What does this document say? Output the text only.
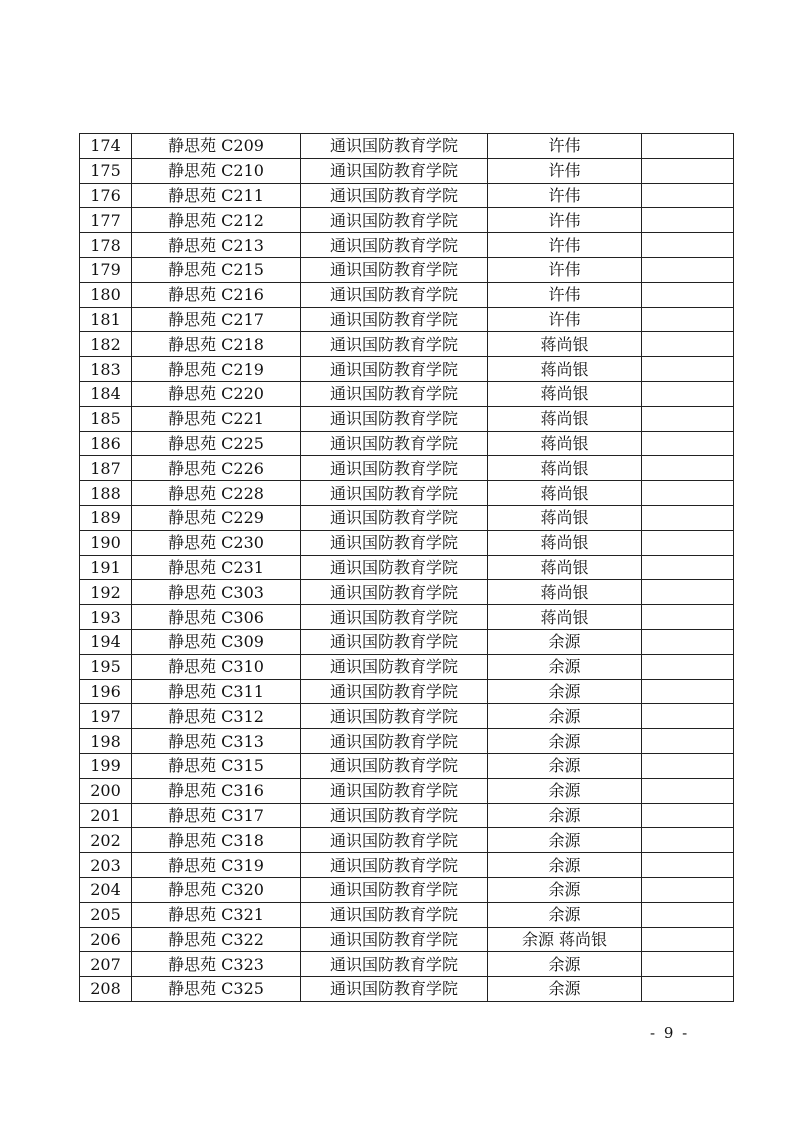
174	静思苑 C209	通识国防教育学院	许伟	
175	静思苑 C210	通识国防教育学院	许伟	
176	静思苑 C211	通识国防教育学院	许伟	
177	静思苑 C212	通识国防教育学院	许伟	
178	静思苑 C213	通识国防教育学院	许伟	
179	静思苑 C215	通识国防教育学院	许伟	
180	静思苑 C216	通识国防教育学院	许伟	
181	静思苑 C217	通识国防教育学院	许伟	
182	静思苑 C218	通识国防教育学院	蒋尚银	
183	静思苑 C219	通识国防教育学院	蒋尚银	
184	静思苑 C220	通识国防教育学院	蒋尚银	
185	静思苑 C221	通识国防教育学院	蒋尚银	
186	静思苑 C225	通识国防教育学院	蒋尚银	
187	静思苑 C226	通识国防教育学院	蒋尚银	
188	静思苑 C228	通识国防教育学院	蒋尚银	
189	静思苑 C229	通识国防教育学院	蒋尚银	
190	静思苑 C230	通识国防教育学院	蒋尚银	
191	静思苑 C231	通识国防教育学院	蒋尚银	
192	静思苑 C303	通识国防教育学院	蒋尚银	
193	静思苑 C306	通识国防教育学院	蒋尚银	
194	静思苑 C309	通识国防教育学院	余源	
195	静思苑 C310	通识国防教育学院	余源	
196	静思苑 C311	通识国防教育学院	余源	
197	静思苑 C312	通识国防教育学院	余源	
198	静思苑 C313	通识国防教育学院	余源	
199	静思苑 C315	通识国防教育学院	余源	
200	静思苑 C316	通识国防教育学院	余源	
201	静思苑 C317	通识国防教育学院	余源	
202	静思苑 C318	通识国防教育学院	余源	
203	静思苑 C319	通识国防教育学院	余源	
204	静思苑 C320	通识国防教育学院	余源	
205	静思苑 C321	通识国防教育学院	余源	
206	静思苑 C322	通识国防教育学院	余源 蒋尚银	
207	静思苑 C323	通识国防教育学院	余源	
208	静思苑 C325	通识国防教育学院	余源	
- 9 -
